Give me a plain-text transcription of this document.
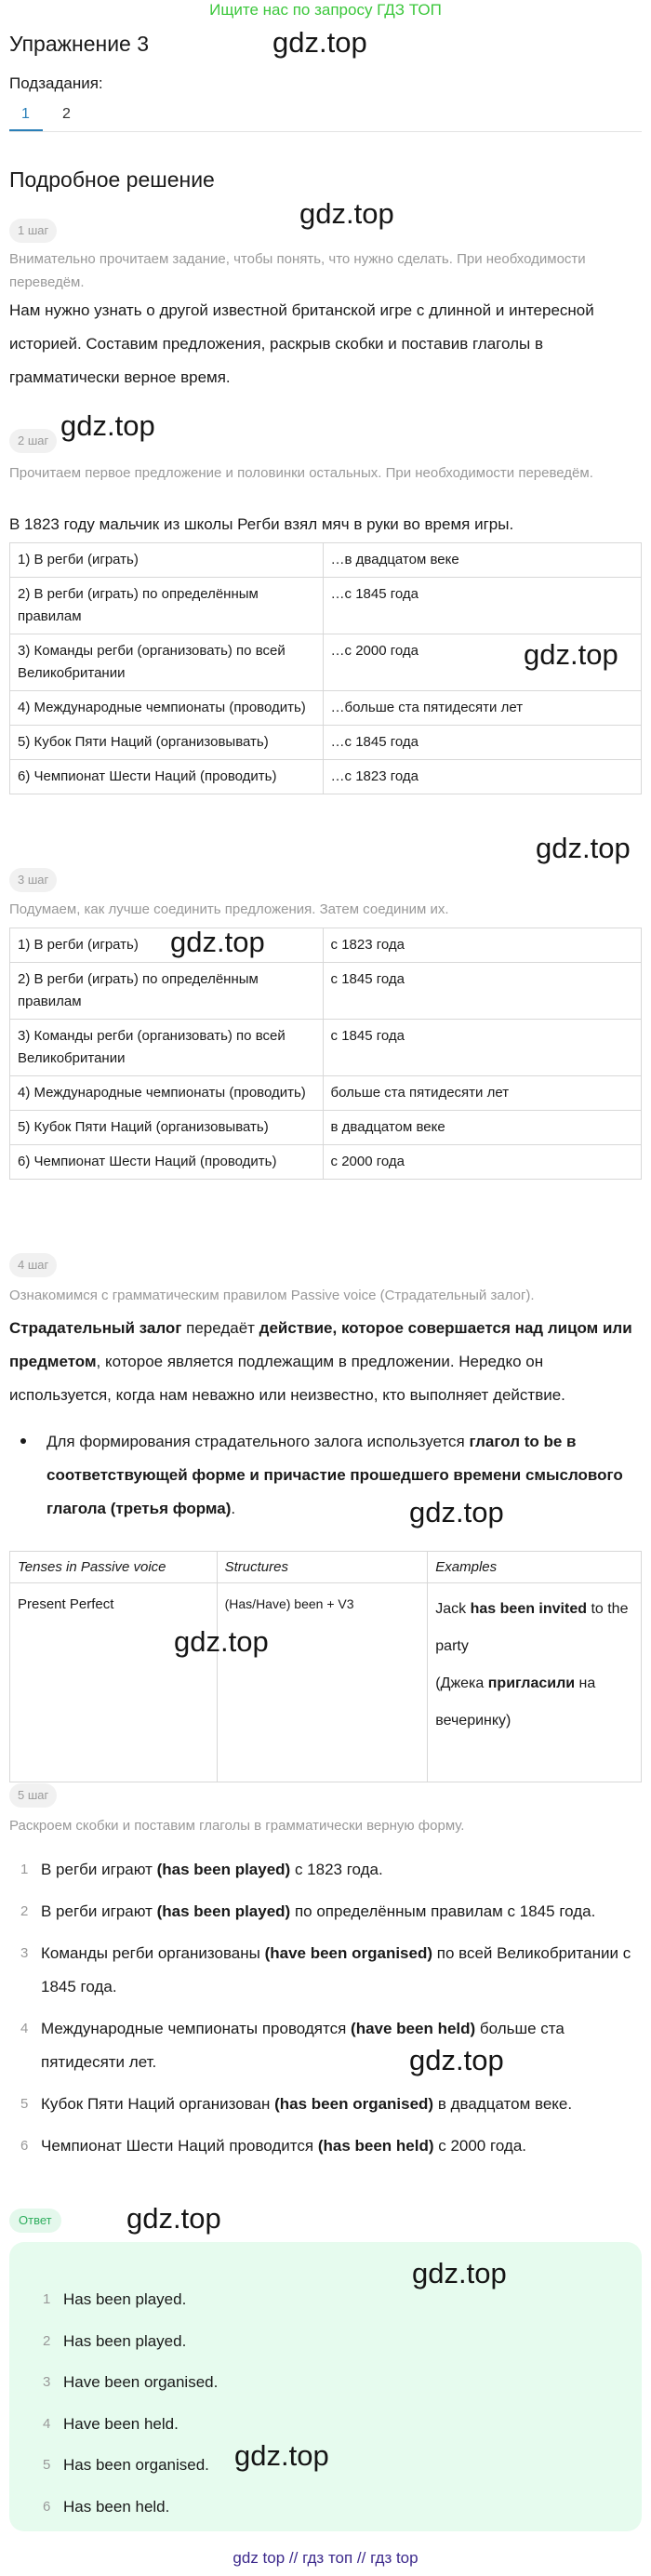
Ищите нас по запросу ГДЗ ТОП
Упражнение 3	gdz.top
Подзадания:
1 2
Подробное решение
1 шаг
gdz.top
Внимательно прочитаем задание, чтобы понять, что нужно сделать. При необходимости переведём.
Нам нужно узнать о другой известной британской игре с длинной и интересной историей. Составим предложения, раскрыв скобки и поставив глаголы в грамматически верное время.
2 шаг gdz.top
Прочитаем первое предложение и половинки остальных. При необходимости переведём.
В 1823 году мальчик из школы Регби взял мяч в руки во время игры.
1) В регби (играть)	…в двадцатом веке
2) В регби (играть) по определённым правилам	…с 1845 года
3) Команды регби (организовать) по всей Великобритании	…с 2000 года
4) Международные чемпионаты (проводить)	…больше ста пятидесяти лет
5) Кубок Пяти Наций (организовывать)	…с 1845 года
6) Чемпионат Шести Наций (проводить)	…с 1823 года
gdz.top
gdz.top
3 шаг
Подумаем, как лучше соединить предложения. Затем соединим их.
1) В регби (играть)	с 1823 года
2) В регби (играть) по определённым правилам	с 1845 года
3) Команды регби (организовать) по всей Великобритании	с 1845 года
4) Международные чемпионаты (проводить)	больше ста пятидесяти лет
5) Кубок Пяти Наций (организовывать)	в двадцатом веке
6) Чемпионат Шести Наций (проводить)	с 2000 года
gdz.top
4 шаг
Ознакомимся с грамматическим правилом Passive voice (Страдательный залог).
Страдательный залог передаёт действие, которое совершается над лицом или предметом, которое является подлежащим в предложении. Нередко он используется, когда нам неважно или неизвестно, кто выполняет действие.
Для формирования страдательного залога используется глагол to be в соответствующей форме и причастие прошедшего времени смыслового глагола (третья форма).	gdz.top
Tenses in Passive voice	Structures	Examples
Present Perfect	(Has/Have) been + V3	Jack has been invited to the party
(Джека пригласили на вечеринку)
gdz.top
5 шаг
Раскроем скобки и поставим глаголы в грамматически верную форму.
1 В регби играют (has been played) с 1823 года.
2 В регби играют (has been played) по определённым правилам с 1845 года.
3 Команды регби организованы (have been organised) по всей Великобритании с 1845 года.
4 Международные чемпионаты проводятся (have been held) больше ста пятидесяти лет.
5 Кубок Пяти Наций организован (has been organised) в двадцатом веке.
6 Чемпионат Шести Наций проводится (has been held) с 2000 года.
gdz.top
Ответ	gdz.top
1 Has been played.
2 Has been played.
3 Have been organised.
4 Have been held.
5 Has been organised.
6 Has been held.
gdz.top
gdz.top
gdz top // гдз топ // гдз top
